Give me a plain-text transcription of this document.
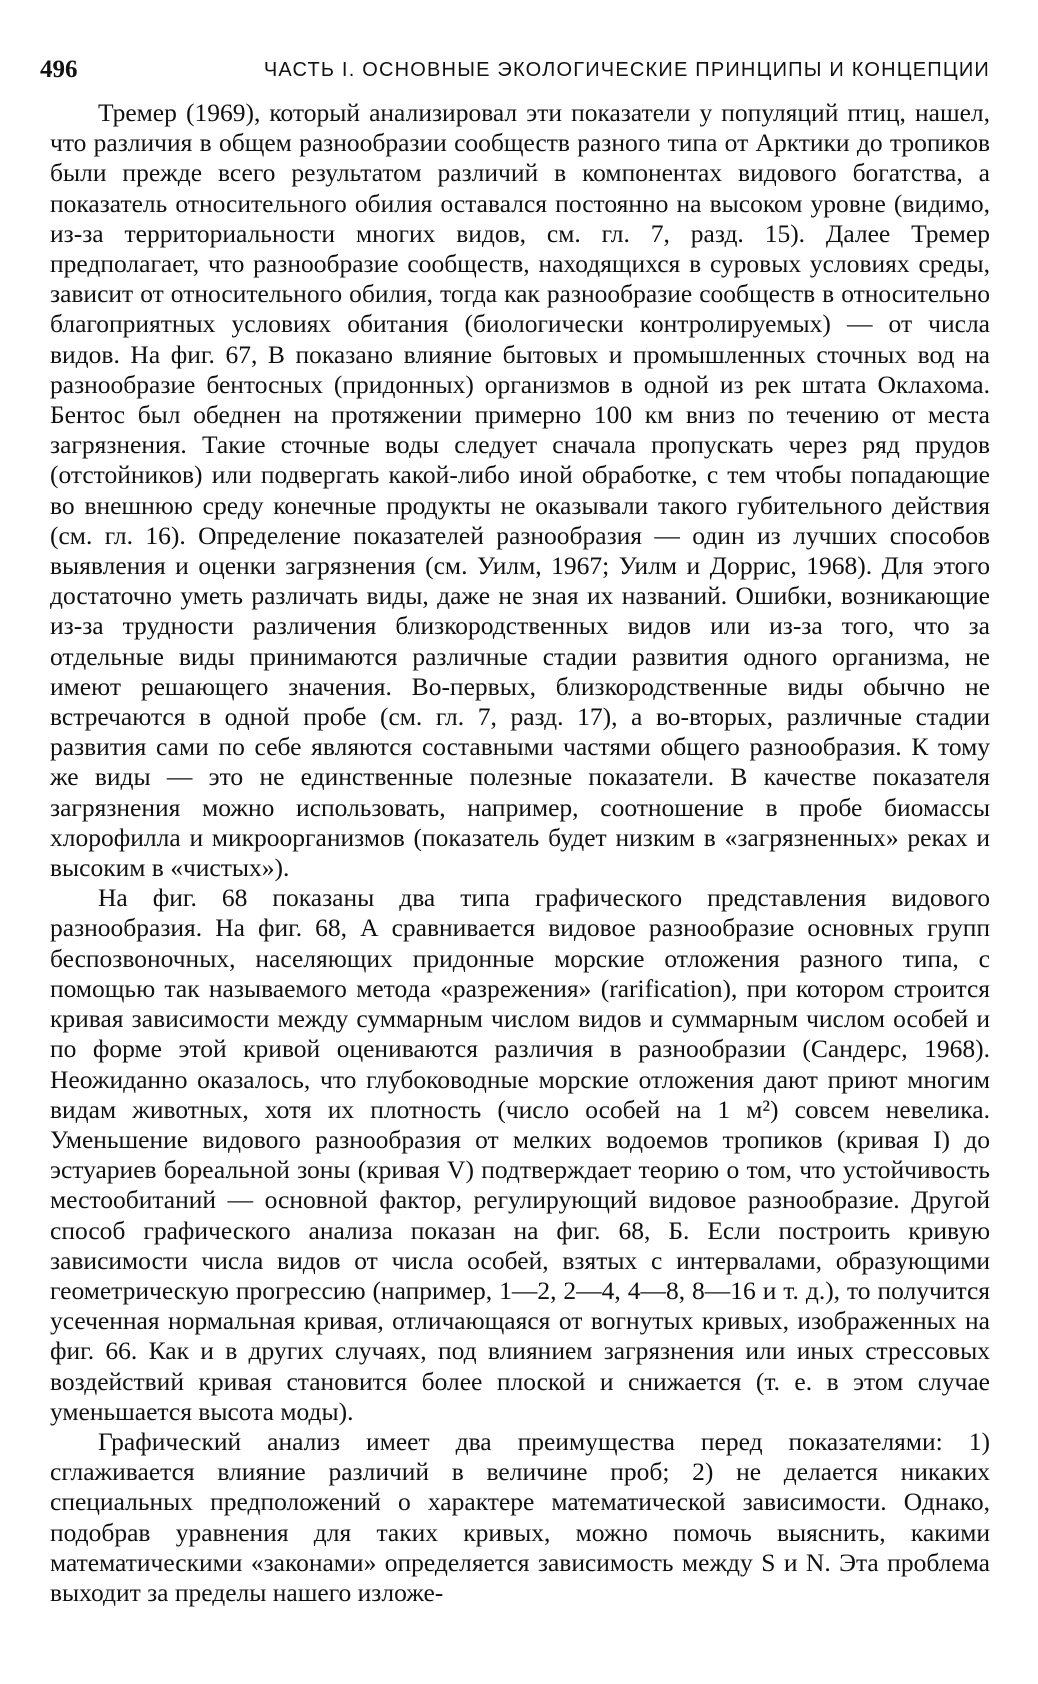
496	ЧАСТЬ I. ОСНОВНЫЕ ЭКОЛОГИЧЕСКИЕ ПРИНЦИПЫ И КОНЦЕПЦИИ

Тремер (1969), который анализировал эти показатели у популяций птиц, нашел, что различия в общем разнообразии сообществ разного типа от Арктики до тропиков были прежде всего результатом различий в компонентах видового богатства, а показатель относительного обилия оставался постоянно на высоком уровне (видимо, из-за территориальности многих видов, см. гл. 7, разд. 15). Далее Тремер предполагает, что разнообразие сообществ, находящихся в суровых условиях среды, зависит от относительного обилия, тогда как разнообразие сообществ в относительно благоприятных условиях обитания (биологически контролируемых) — от числа видов. На фиг. 67, В показано влияние бытовых и промышленных сточных вод на разнообразие бентосных (придонных) организмов в одной из рек штата Оклахома. Бентос был обеднен на протяжении примерно 100 км вниз по течению от места загрязнения. Такие сточные воды следует сначала пропускать через ряд прудов (отстойников) или подвергать какой-либо иной обработке, с тем чтобы попадающие во внешнюю среду конечные продукты не оказывали такого губительного действия (см. гл. 16). Определение показателей разнообразия — один из лучших способов выявления и оценки загрязнения (см. Уилм, 1967; Уилм и Доррис, 1968). Для этого достаточно уметь различать виды, даже не зная их названий. Ошибки, возникающие из-за трудности различения близкородственных видов или из-за того, что за отдельные виды принимаются различные стадии развития одного организма, не имеют решающего значения. Во-первых, близкородственные виды обычно не встречаются в одной пробе (см. гл. 7, разд. 17), а во-вторых, различные стадии развития сами по себе являются составными частями общего разнообразия. К тому же виды — это не единственные полезные показатели. В качестве показателя загрязнения можно использовать, например, соотношение в пробе биомассы хлорофилла и микроорганизмов (показатель будет низким в «загрязненных» реках и высоким в «чистых»).

На фиг. 68 показаны два типа графического представления видового разнообразия. На фиг. 68, А сравнивается видовое разнообразие основных групп беспозвоночных, населяющих придонные морские отложения разного типа, с помощью так называемого метода «разрежения» (rarification), при котором строится кривая зависимости между суммарным числом видов и суммарным числом особей и по форме этой кривой оцениваются различия в разнообразии (Сандерс, 1968). Неожиданно оказалось, что глубоководные морские отложения дают приют многим видам животных, хотя их плотность (число особей на 1 м²) совсем невелика. Уменьшение видового разнообразия от мелких водоемов тропиков (кривая I) до эстуариев бореальной зоны (кривая V) подтверждает теорию о том, что устойчивость местообитаний — основной фактор, регулирующий видовое разнообразие. Другой способ графического анализа показан на фиг. 68, Б. Если построить кривую зависимости числа видов от числа особей, взятых с интервалами, образующими геометрическую прогрессию (например, 1—2, 2—4, 4—8, 8—16 и т. д.), то получится усеченная нормальная кривая, отличающаяся от вогнутых кривых, изображенных на фиг. 66. Как и в других случаях, под влиянием загрязнения или иных стрессовых воздействий кривая становится более плоской и снижается (т. е. в этом случае уменьшается высота моды).

Графический анализ имеет два преимущества перед показателями: 1) сглаживается влияние различий в величине проб; 2) не делается никаких специальных предположений о характере математической зависимости. Однако, подобрав уравнения для таких кривых, можно помочь выяснить, какими математическими «законами» определяется зависимость между S и N. Эта проблема выходит за пределы нашего изложе-
